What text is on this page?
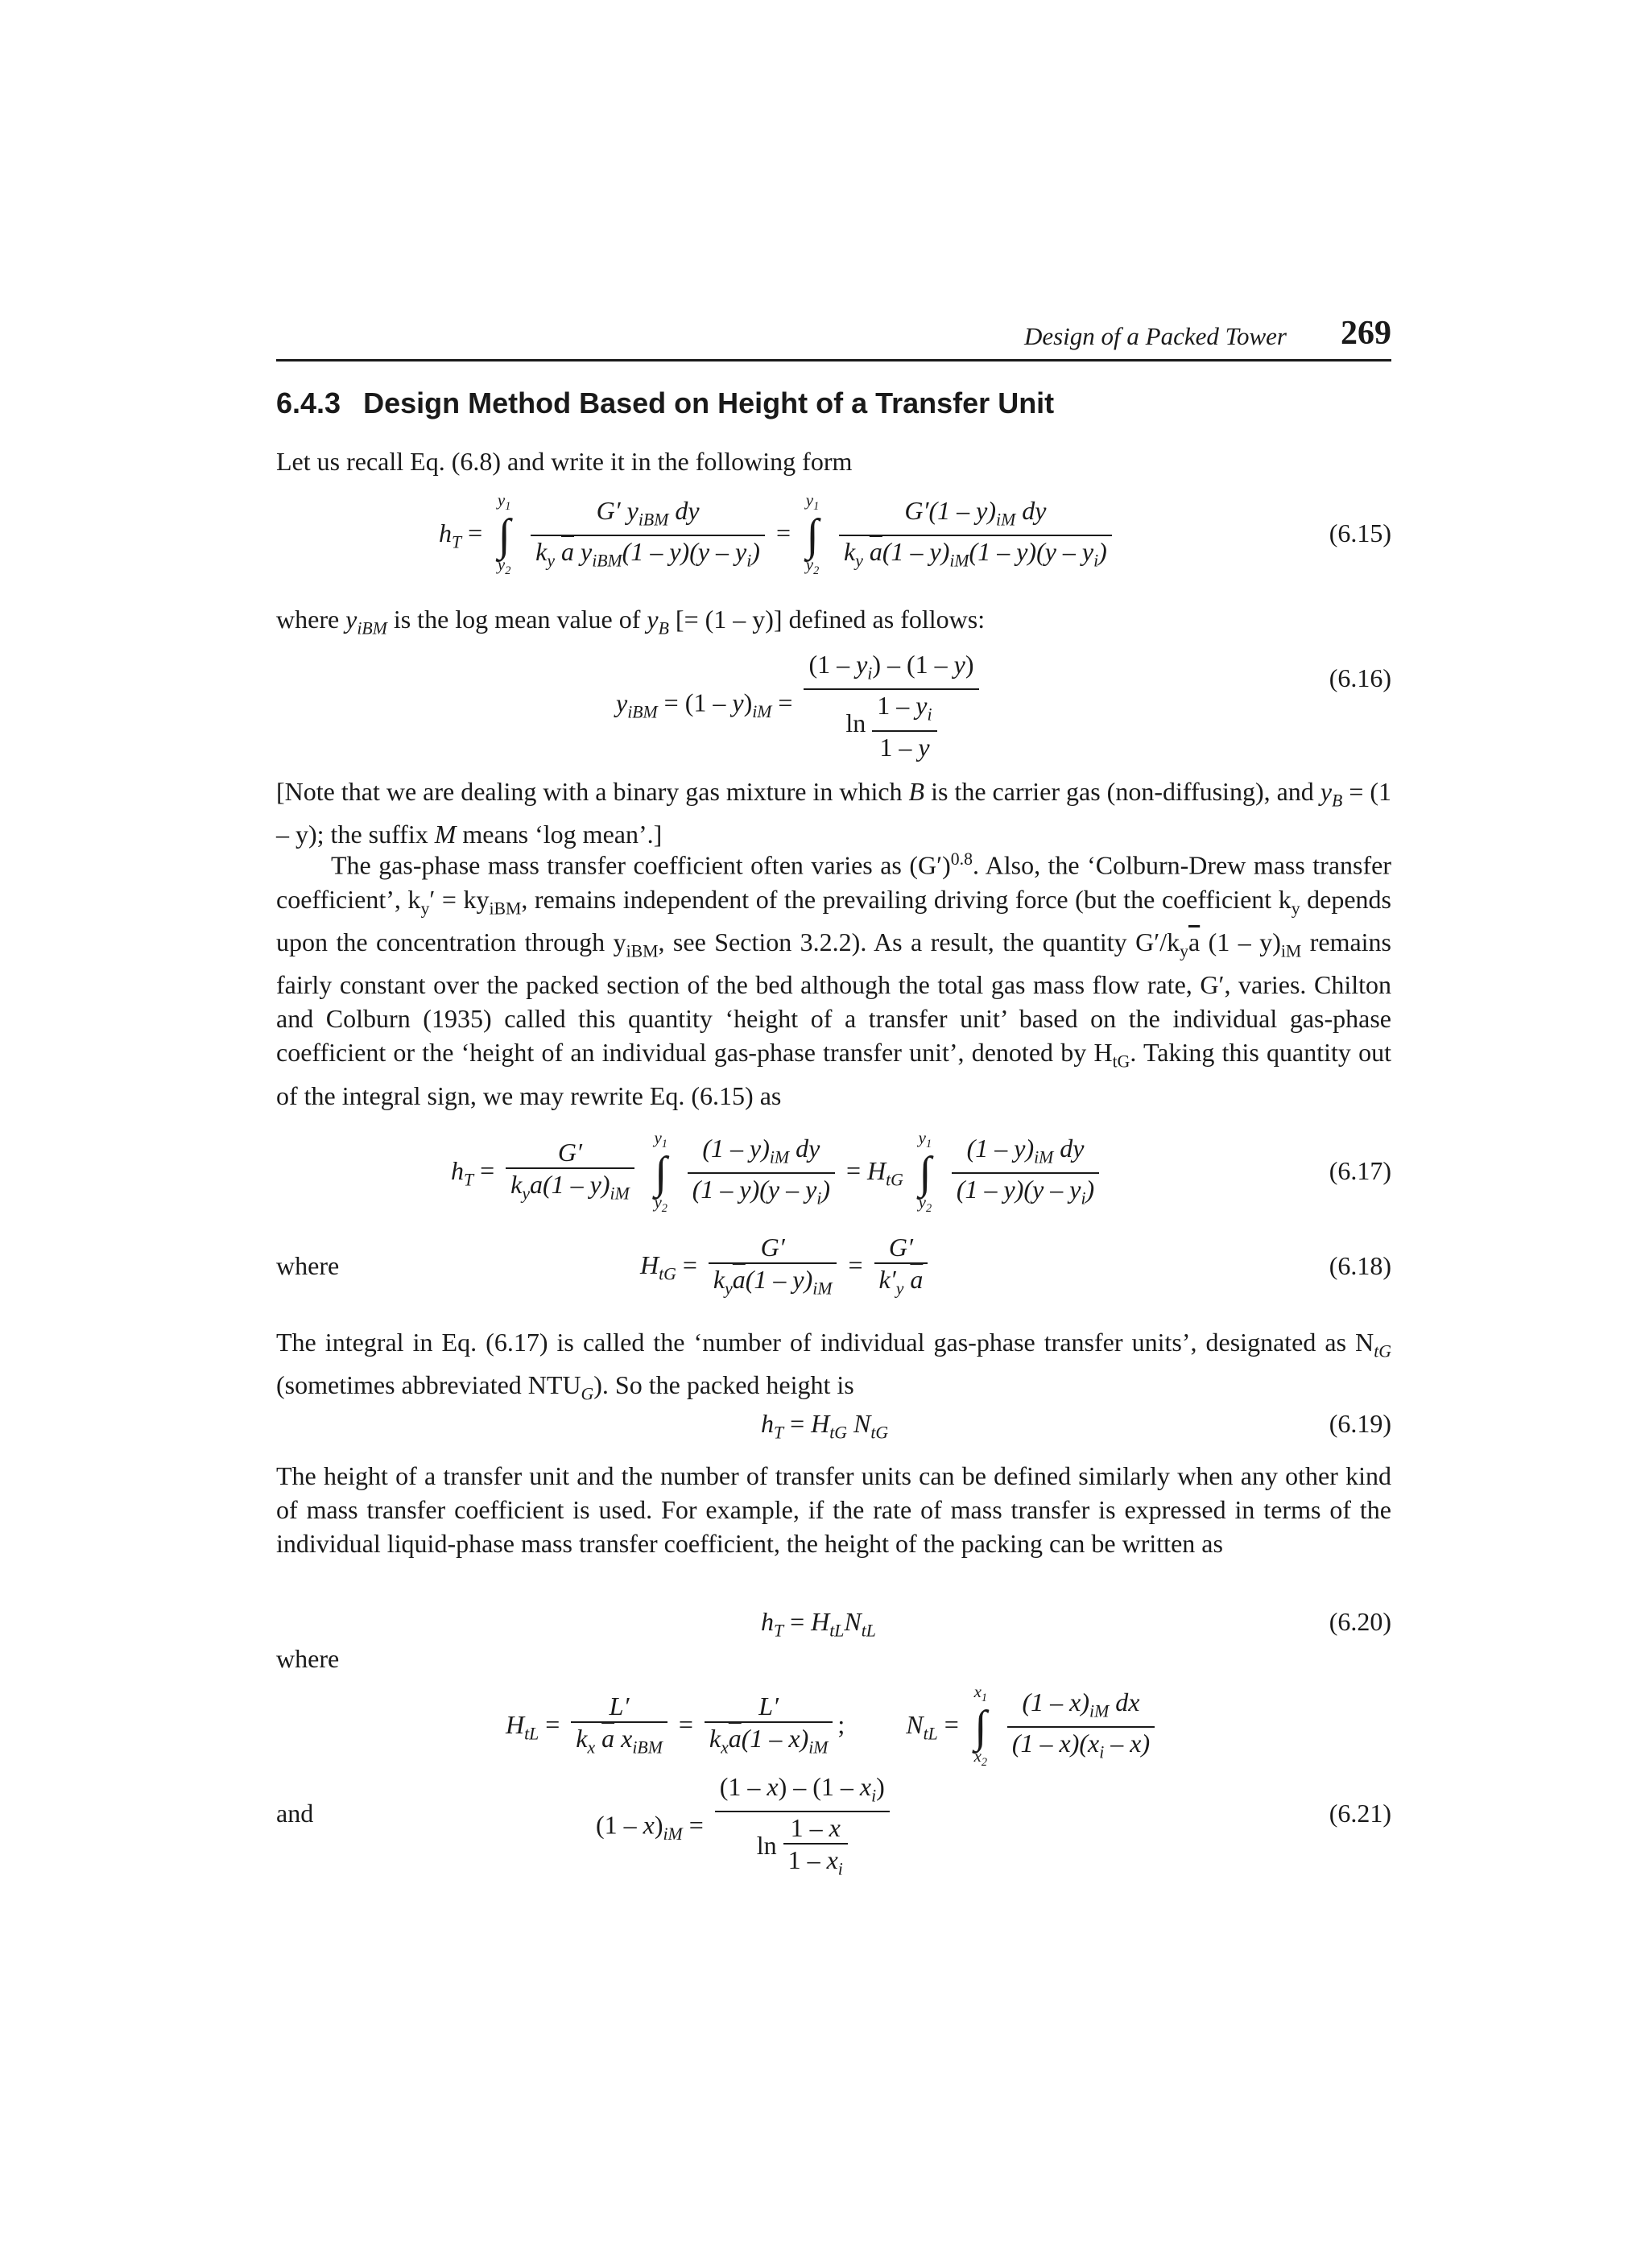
Design of a Packed Tower 269
6.4.3 Design Method Based on Height of a Transfer Unit
Let us recall Eq. (6.8) and write it in the following form
$h_T$ =
$y_1$
∫
$y_2$
$\frac{G' y_{iBM} dy}{k_y \overline{a} y_{iBM}(1 - y)(y - y_i)}$ =
$y_1$
∫
$y_2$
$\frac{G'(1 - y)_{iM} dy}{k_y \overline{a}(1 - y)_{iM}(1 - y)(y - y_i)}$	(6.15)
where $y_{iBM}$ is the log mean value of $y_B$ [= (1 – y)] defined as follows:
$y_{iBM} = (1 - y)_{iM} = \frac{(1 - y_i) - (1 - y)}{\ln \frac{1 - y_i}{1 - y}}$	(6.16)
[Note that we are dealing with a binary gas mixture in which B is the carrier gas (non-diffusing), and $y_B = (1 - y)$; the suffix M means ‘log mean’.]
The gas-phase mass transfer coefficient often varies as $(G')^{0.8}$. Also, the ‘Colburn-Drew mass transfer coefficient’, $k_y' = ky_{iBM}$, remains independent of the prevailing driving force (but the coefficient $k_y$ depends upon the concentration through $y_{iBM}$, see Section 3.2.2). As a result, the quantity $G'/k_y\overline{a}$ $(1 - y)_{iM}$ remains fairly constant over the packed section of the bed although the total gas mass flow rate, G′, varies. Chilton and Colburn (1935) called this quantity ‘height of a transfer unit’ based on the individual gas-phase coefficient or the ‘height of an individual gas-phase transfer unit’, denoted by $H_{tG}$. Taking this quantity out of the integral sign, we may rewrite Eq. (6.15) as
$h_T = \frac{G'}{k_ya(1 - y)_{iM}}$
	$y_1$
∫
$y_2$
$\frac{(1 - y)_{iM} dy}{(1 - y)(y - y_i)} = H_{tG}$
$y_1$
∫
$y_2$
$\frac{(1 - y)_{iM} dy}{(1 - y)(y - y_i)}$	(6.17)
where	$H_{tG} = \frac{G'}{k_y\overline{a}(1 - y)_{iM}} = \frac{G'}{k'_y \overline{a}}$	(6.18)
The integral in Eq. (6.17) is called the ‘number of individual gas-phase transfer units’, designated as $N_{tG}$ (sometimes abbreviated $NTU_G$). So the packed height is
$h_T = H_{tG}$ $N_{tG}$	(6.19)
The height of a transfer unit and the number of transfer units can be defined similarly when any other kind of mass transfer coefficient is used. For example, if the rate of mass transfer is expressed in terms of the individual liquid-phase mass transfer coefficient, the height of the packing can be written as
$h_T = H_{tL}N_{tL}$	(6.20)
where
$H_{tL} = \frac{L'}{k_x \overline{a} x_{iBM}} = \frac{L'}{k_x\overline{a}(1 - x)_{iM}}$ ;  $N_{tL}$ =
$x_1$
∫
$x_2$
$\frac{(1 - x)_{iM} dx}{(1 - x)(x_i - x)}$
and	$(1 - x)_{iM} = \frac{(1 - x) - (1 - x_i)}{\ln \frac{1 - x}{1 - x_i}}$	(6.21)
